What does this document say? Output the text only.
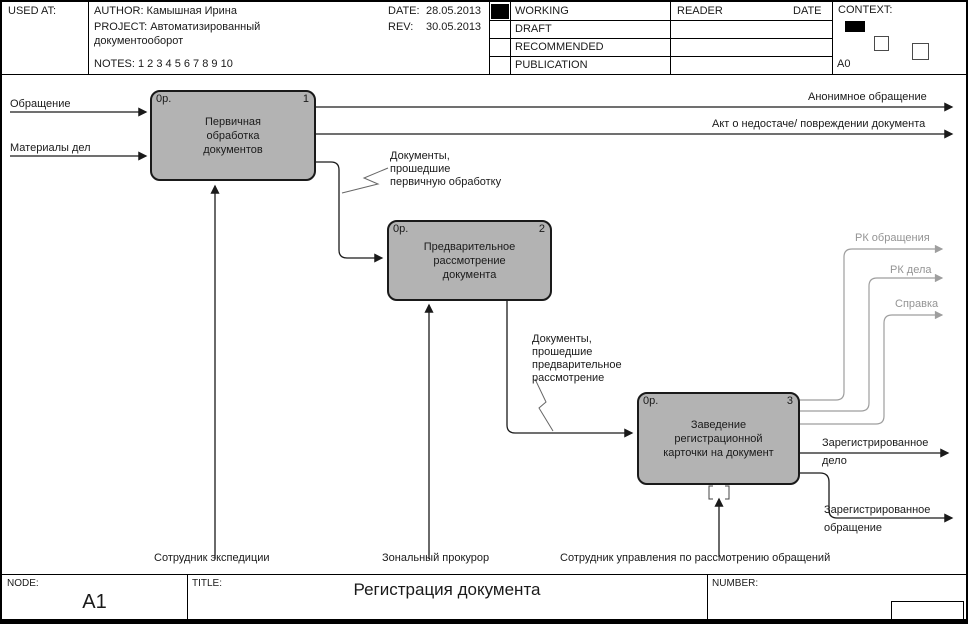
USED AT:	AUTHOR: Камышная Ирина
PROJECT: Автоматизированный
документооборот
NOTES: 1 2 3 4 5 6 7 8 9 10
DATE: 28.05.2013
REV: 30.05.2013
WORKING
DRAFT
RECOMMENDED
PUBLICATION
READER	DATE CONTEXT:
A0
0р.	1
Первичная
обработка
документов
0р.	2
Предварительное
рассмотрение
документа
0р.	3
Заведение
регистрационной
карточки на документ
Обращение
Материалы дел
Анонимное обращение
Акт о недостаче/ повреждении документа
Документы,
прошедшие
первичную обработку
Документы,
прошедшие
предварительное
рассмотрение
РК обращения
РК дела
Справка
Зарегистрированное
дело
Зарегистрированное
обращение
Сотрудник экспедиции	Зональный прокурор	Сотрудник управления по рассмотрению обращений
NODE:
A1
TITLE:	Регистрация документа	NUMBER:
